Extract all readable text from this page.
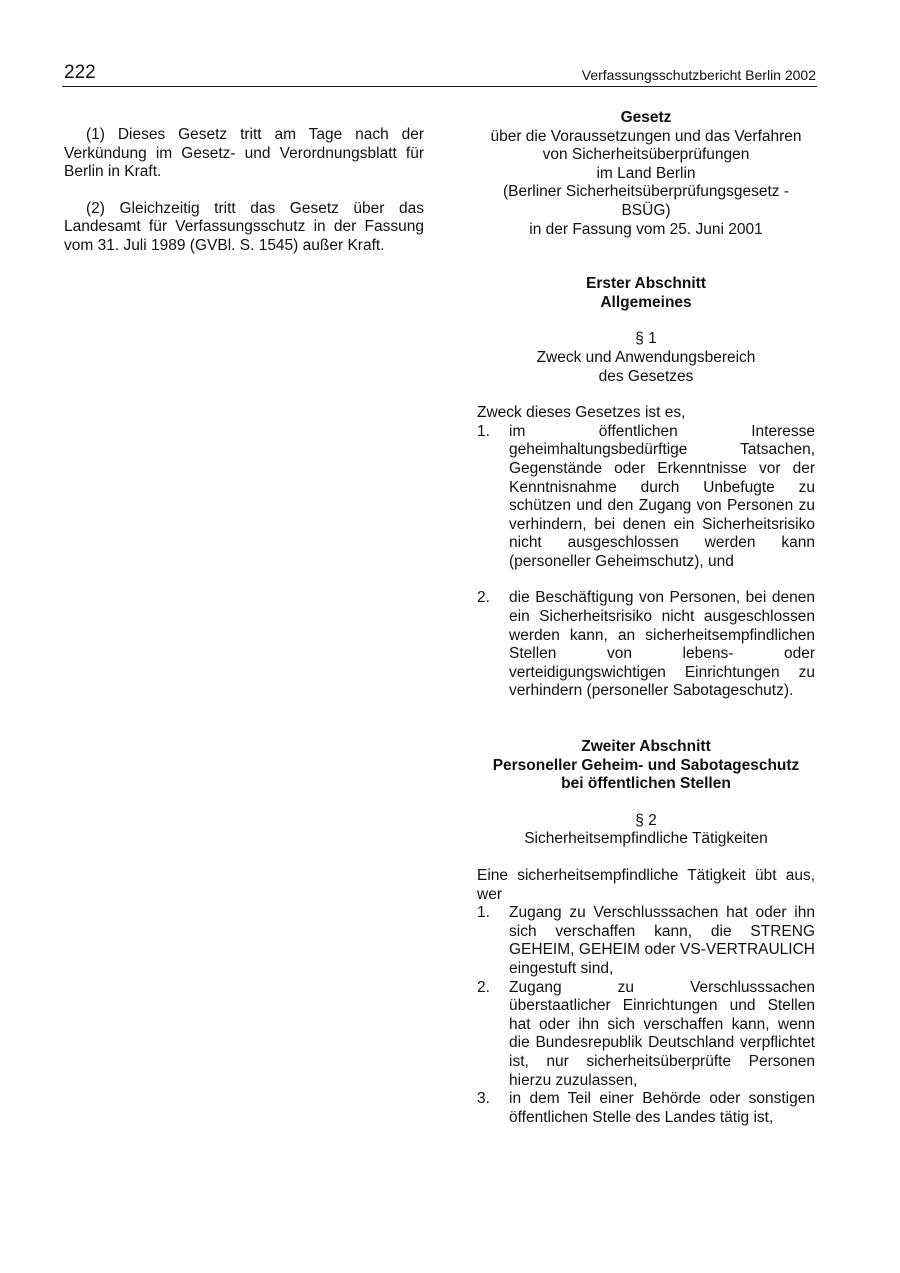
222	Verfassungsschutzbericht Berlin 2002

(1) Dieses Gesetz tritt am Tage nach der Verkündung im Gesetz- und Verordnungsblatt für Berlin in Kraft.

(2) Gleichzeitig tritt das Gesetz über das Landesamt für Verfassungsschutz in der Fassung vom 31. Juli 1989 (GVBl. S. 1545) außer Kraft.

Gesetz

über die Voraussetzungen und das Verfahren

von Sicherheitsüberprüfungen

im Land Berlin

(Berliner Sicherheitsüberprüfungsgesetz -

BSÜG)

in der Fassung vom 25. Juni 2001

Erster Abschnitt

Allgemeines

§ 1

Zweck und Anwendungsbereich

des Gesetzes

Zweck dieses Gesetzes ist es,

1. im öffentlichen Interesse geheimhaltungsbedürftige Tatsachen, Gegenstände oder Erkenntnisse vor der Kenntnisnahme durch Unbefugte zu schützen und den Zugang von Personen zu verhindern, bei denen ein Sicherheitsrisiko nicht ausgeschlossen werden kann (personeller Geheimschutz), und
2. die Beschäftigung von Personen, bei denen ein Sicherheitsrisiko nicht ausgeschlossen werden kann, an sicherheitsempfindlichen Stellen von lebens- oder verteidigungswichtigen Einrichtungen zu verhindern (personeller Sabotageschutz).

Zweiter Abschnitt

Personeller Geheim- und Sabotageschutz

bei öffentlichen Stellen

§ 2

Sicherheitsempfindliche Tätigkeiten

Eine sicherheitsempfindliche Tätigkeit übt aus, wer

1. Zugang zu Verschlusssachen hat oder ihn sich verschaffen kann, die STRENG GEHEIM, GEHEIM oder VS-VERTRAULICH eingestuft sind,
2. Zugang zu Verschlusssachen überstaatlicher Einrichtungen und Stellen hat oder ihn sich verschaffen kann, wenn die Bundesrepublik Deutschland verpflichtet ist, nur sicherheitsüberprüfte Personen hierzu zuzulassen,
3. in dem Teil einer Behörde oder sonstigen öffentlichen Stelle des Landes tätig ist,
